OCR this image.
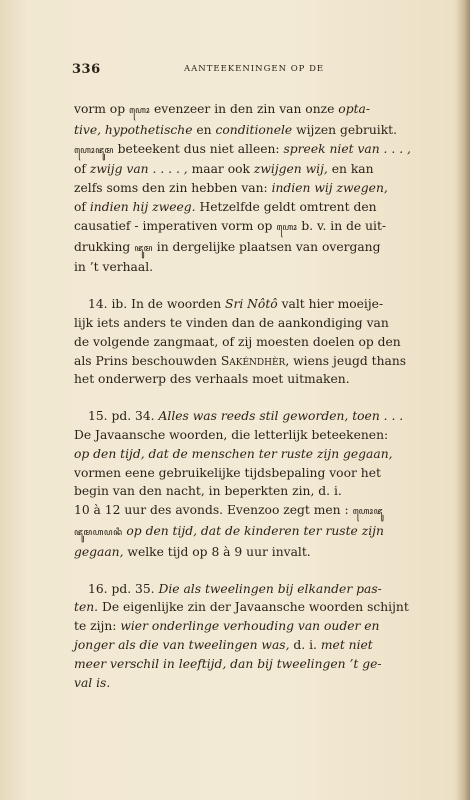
336	AANTEEKENINGEN OP DE
vorm op ꦲꦺꦴ evenzeer in den zin van onze opta-
tive, hypothetische en conditionele wijzen gebruikt.
ꦲꦺꦴꦗꦸꦩ beteekent dus niet alleen: spreek niet van . . . ,
of zwijg van . . . . , maar ook zwijgen wij, en kan
zelfs soms den zin hebben van: indien wij zwegen,
of indien hij zweeg. Hetzelfde geldt omtrent den
causatief - imperativen vorm op ꦲꦺꦴ b. v. in de uit-
drukking ꦗꦸꦩ in dergelijke plaatsen van overgang
in ’t verhaal.
14. ib. In de woorden Sri Nôtô valt hier moeije-
lijk iets anders te vinden dan de aankondiging van
de volgende zangmaat, of zij moesten doelen op den
als Prins beschouwden Sakéndhèr, wiens jeugd thans
het onderwerp des verhaals moet uitmaken.
15. pd. 34. Alles was reeds stil geworden, toen . . .
De Javaansche woorden, die letterlijk beteekenen:
op den tijd, dat de menschen ter ruste zijn gegaan,
vormen eene gebruikelijke tijdsbepaling voor het
begin van den nacht, in beperkten zin, d. i.
10 à 12 uur des avonds. Evenzoo zegt men : ꦲꦺꦴꦗꦸ
ꦗꦸꦩꦲꦥꦤꦶ op den tijd, dat de kinderen ter ruste zijn
gegaan, welke tijd op 8 à 9 uur invalt.
16. pd. 35. Die als tweelingen bij elkander pas-
ten. De eigenlijke zin der Javaansche woorden schijnt
te zijn: wier onderlinge verhouding van ouder en
jonger als die van tweelingen was, d. i. met niet
meer verschil in leeftijd, dan bij tweelingen ’t ge-
val is.
